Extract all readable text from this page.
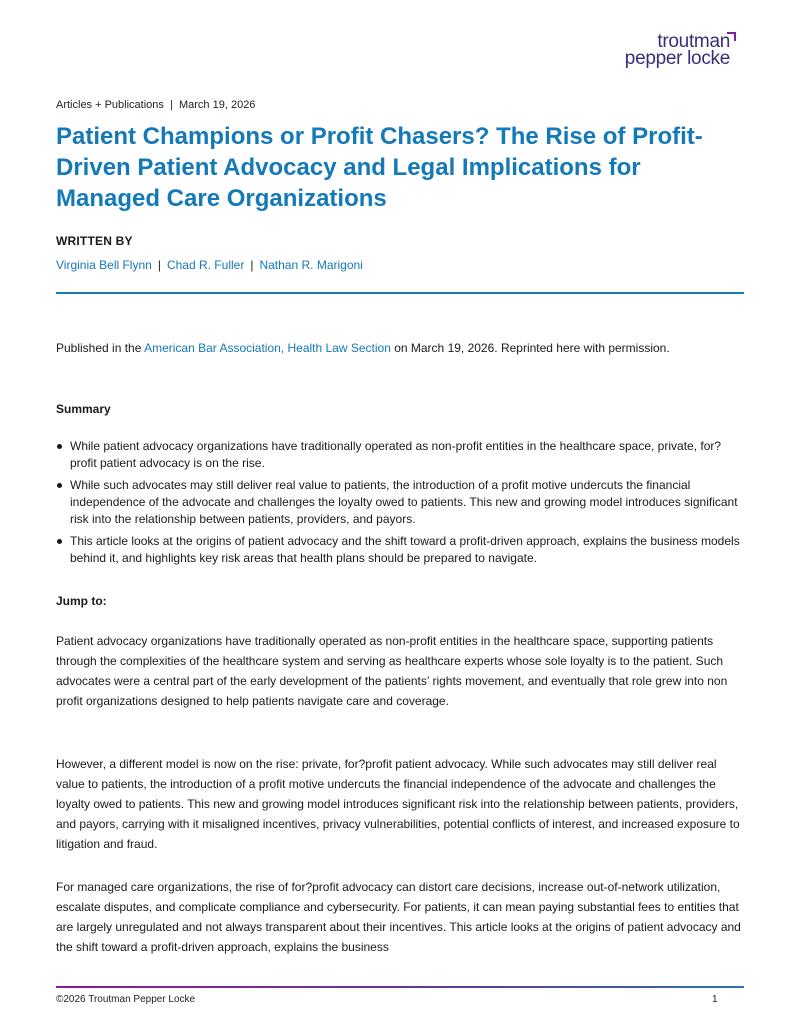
troutman
pepper locke
Articles + Publications  |  March 19, 2026
Patient Champions or Profit Chasers? The Rise of Profit-Driven Patient Advocacy and Legal Implications for Managed Care Organizations
WRITTEN BY
Virginia Bell Flynn | Chad R. Fuller | Nathan R. Marigoni

Published in the American Bar Association, Health Law Section on March 19, 2026. Reprinted here with permission.

Summary
While patient advocacy organizations have traditionally operated as non-profit entities in the healthcare space, private, for?profit patient advocacy is on the rise.
While such advocates may still deliver real value to patients, the introduction of a profit motive undercuts the financial independence of the advocate and challenges the loyalty owed to patients. This new and growing model introduces significant risk into the relationship between patients, providers, and payors.
This article looks at the origins of patient advocacy and the shift toward a profit-driven approach, explains the business models behind it, and highlights key risk areas that health plans should be prepared to navigate.
Jump to:

Patient advocacy organizations have traditionally operated as non-profit entities in the healthcare space, supporting patients through the complexities of the healthcare system and serving as healthcare experts whose sole loyalty is to the patient. Such advocates were a central part of the early development of the patients’ rights movement, and eventually that role grew into non profit organizations designed to help patients navigate care and coverage.

However, a different model is now on the rise: private, for?profit patient advocacy. While such advocates may still deliver real value to patients, the introduction of a profit motive undercuts the financial independence of the advocate and challenges the loyalty owed to patients. This new and growing model introduces significant risk into the relationship between patients, providers, and payors, carrying with it misaligned incentives, privacy vulnerabilities, potential conflicts of interest, and increased exposure to litigation and fraud.

For managed care organizations, the rise of for?profit advocacy can distort care decisions, increase out-of-network utilization, escalate disputes, and complicate compliance and cybersecurity. For patients, it can mean paying substantial fees to entities that are largely unregulated and not always transparent about their incentives. This article looks at the origins of patient advocacy and the shift toward a profit-driven approach, explains the business

©2026 Troutman Pepper Locke	1
